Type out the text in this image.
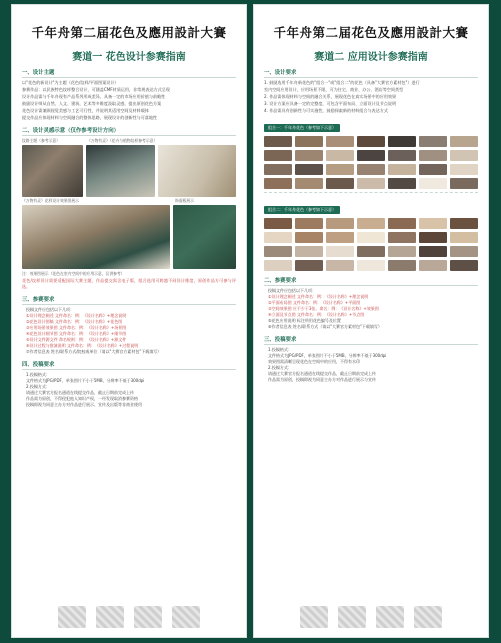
千年舟第二届花色及應用設計大賽
赛道一 花色设计参赛指南
一、设计主题
以"花色的新设计"为主题（花色/纹样/平面图案设计）
参赛作品：以民族特色纹样整合设计，可涵盖CMF材质运用，非常规表达方式呈现
设计作品需与千年舟现有产品系列形成差异，具备一定的市场应用价值与前瞻性
鼓励设计师从自然、人文、建筑、艺术等多维度汲取灵感，提出原创花色方案
花色设计需兼顾视觉美感与工艺可行性，并说明其适用空间及材料载体
提交作品应体现材料与空间融合的整体思路，展现设计的创新性与可落地性
二、设计灵感示意（仅作参考设计方向）
纹路主题（参考示意）	《万物有灵》（花卉与植物纹样参考示意）
《万物有灵》花样设计效果图展示	饰面板展示
注：效果图展示（花色在室内空间中的应用示意，仅供参考）
花色/纹样设计需要适配国际大赛主题，作品提交需含电子版，组合选用可跨越不同设计维度，原创作品方可参与评选。
三、参赛要求
投稿文件应包括以下几项：
①设计理念阐述 文件命名：例：《设计名称》+理念说明
②花色设计图稿 文件命名：例：《设计名称》+花色图
③应用场景效果图 文件命名：例：《设计名称》+场景图
④花色设计细节图 文件命名：例：《设计名称》+细节图
⑤设计文件源文件 命名规则：例：《设计名称》+源文件
⑥设计过程与推演说明 文件命名：例：《设计名称》+过程说明
⑦作者信息表 姓名/联系方式/院校或单位（请以"大赛官方素材包"下载填写）
四、投稿要求
1.投稿格式：
文件格式为JPG/PDF，单张图片不小于5MB，分辨率不低于300dpi
2.投稿方式：
请通过大赛官方报名通道在线提交作品，截止日期前完成上传
作品需为原创，不得侵犯他人知识产权，一经发现取消参赛资格
投稿即视为同意主办方对作品进行展示、宣传及出版等非商业使用
千年舟第二届花色及應用設計大賽
赛道二 应用设计参赛指南
一、设计要求
1. 鼓励选用千年舟新花色的"组合一"或"组合二"的花色（具备"大赛官方素材包"）进行
室内空间应用设计，应用场景不限，可为住宅、商业、办公、酒店等空间类型
2. 作品需体现材料与空间的融合关系，展现花色在真实场景中的应用效果
3. 设计方案应具备一定的完整度，可包含平面布局、立面设计及节点说明
4. 作品需具有创新性与可实施性，鼓励探索新的材料组合与表达方式
组合一：千年舟花色（参考如下示意）
组合二：千年舟花色（参考如下示意）
二、参赛要求
投稿文件应包括以下几项：
①设计理念阐述 文件命名：例：《设计名称》+理念说明
②平面布局图 文件命名：例：《设计名称》+平面图
③空间效果图 应不少于3张，命名：例：《设计名称》+效果图
④立面及节点图 文件命名：例：《设计名称》+节点图
⑤花色应用说明 标注所用花色编号及位置
⑥作者信息表 姓名/联系方式（请以"大赛官方素材包"下载填写）
三、投稿要求
1.投稿格式：
文件格式为JPG/PDF，单张图片不小于5MB，分辨率不低于300dpi
效果图需清晰呈现花色在空间中的应用，不得有水印
2.投稿方式：
请通过大赛官方报名通道在线提交作品，截止日期前完成上传
作品需为原创，投稿即视为同意主办方对作品进行展示与宣传
